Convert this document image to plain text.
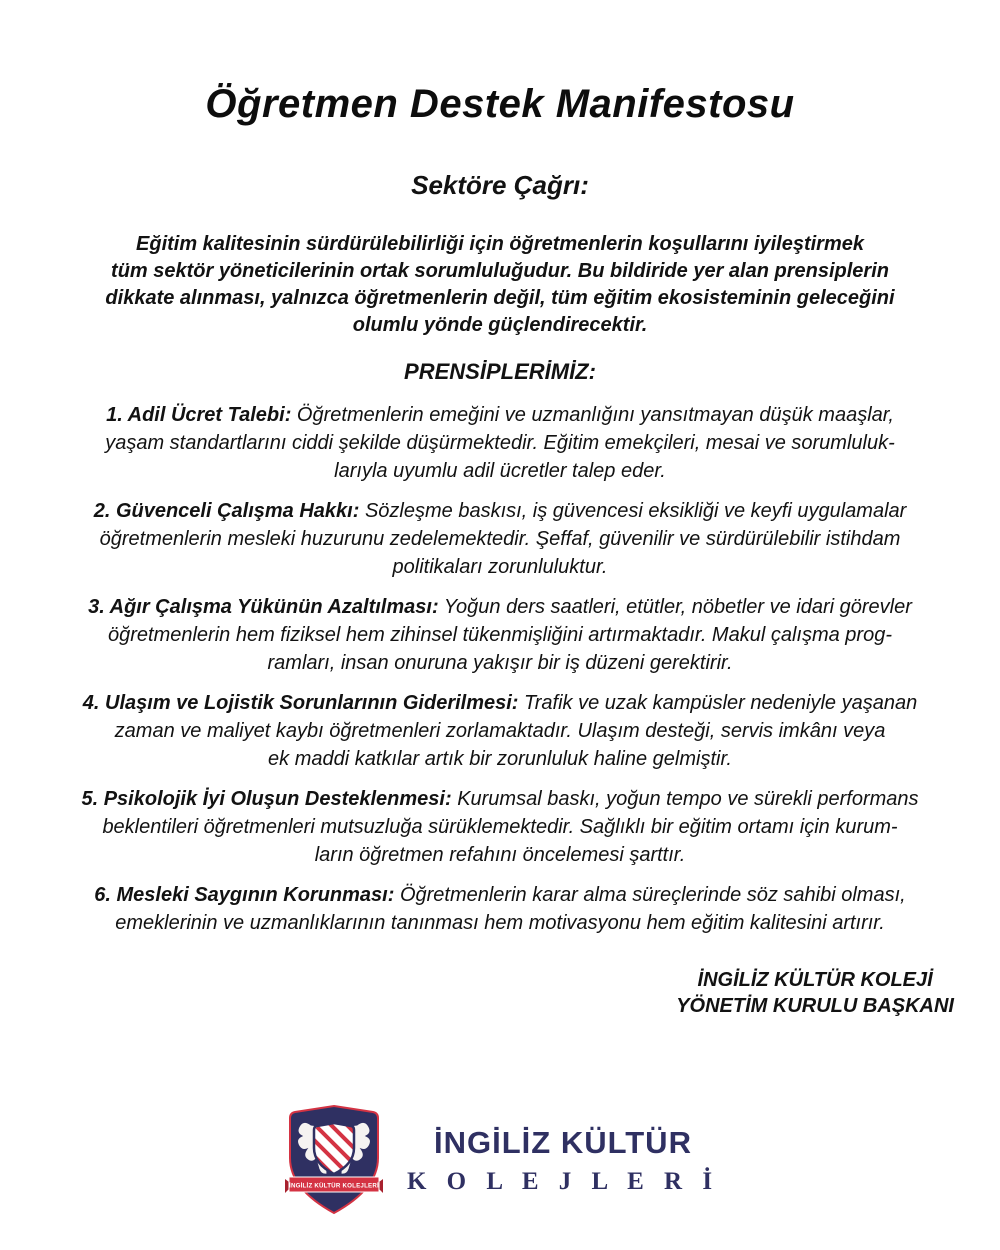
Öğretmen Destek Manifestosu
Sektöre Çağrı:
Eğitim kalitesinin sürdürülebilirliği için öğretmenlerin koşullarını iyileştirmek
tüm sektör yöneticilerinin ortak sorumluluğudur. Bu bildiride yer alan prensiplerin
dikkate alınması, yalnızca öğretmenlerin değil, tüm eğitim ekosisteminin geleceğini
olumlu yönde güçlendirecektir.
PRENSİPLERİMİZ:
1. Adil Ücret Talebi: Öğretmenlerin emeğini ve uzmanlığını yansıtmayan düşük maaşlar,
yaşam standartlarını ciddi şekilde düşürmektedir. Eğitim emekçileri, mesai ve sorumluluk-
larıyla uyumlu adil ücretler talep eder.
2. Güvenceli Çalışma Hakkı: Sözleşme baskısı, iş güvencesi eksikliği ve keyfi uygulamalar
öğretmenlerin mesleki huzurunu zedelemektedir. Şeffaf, güvenilir ve sürdürülebilir istihdam
politikaları zorunluluktur.
3. Ağır Çalışma Yükünün Azaltılması: Yoğun ders saatleri, etütler, nöbetler ve idari görevler
öğretmenlerin hem fiziksel hem zihinsel tükenmişliğini artırmaktadır. Makul çalışma prog-
ramları, insan onuruna yakışır bir iş düzeni gerektirir.
4. Ulaşım ve Lojistik Sorunlarının Giderilmesi: Trafik ve uzak kampüsler nedeniyle yaşanan
zaman ve maliyet kaybı öğretmenleri zorlamaktadır. Ulaşım desteği, servis imkânı veya
ek maddi katkılar artık bir zorunluluk haline gelmiştir.
5. Psikolojik İyi Oluşun Desteklenmesi: Kurumsal baskı, yoğun tempo ve sürekli performans
beklentileri öğretmenleri mutsuzluğa sürüklemektedir. Sağlıklı bir eğitim ortamı için kurum-
ların öğretmen refahını öncelemesi şarttır.
6. Mesleki Saygının Korunması: Öğretmenlerin karar alma süreçlerinde söz sahibi olması,
emeklerinin ve uzmanlıklarının tanınması hem motivasyonu hem eğitim kalitesini artırır.
İNGİLİZ KÜLTÜR KOLEJİ
YÖNETİM KURULU BAŞKANI
İNGİLİZ KÜLTÜR KOLEJLERİ
İNGİLİZ KÜLTÜR
K O L E J L E R İ
